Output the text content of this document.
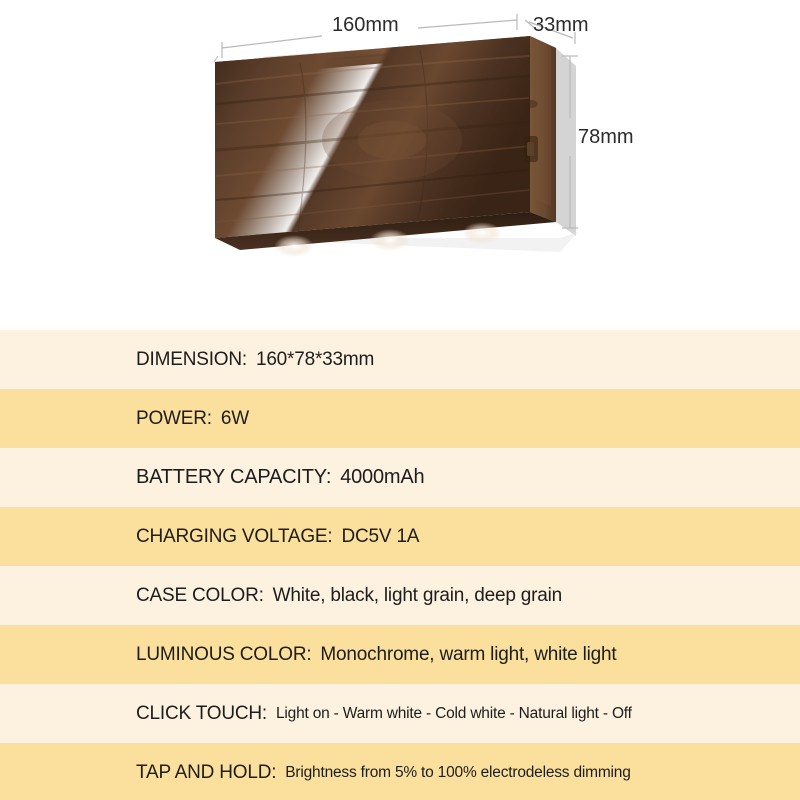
160mm	33mm
78mm
DIMENSION: 160*78*33mm
POWER: 6W
BATTERY CAPACITY: 4000mAh
CHARGING VOLTAGE: DC5V 1A
CASE COLOR: White, black, light grain, deep grain
LUMINOUS COLOR: Monochrome, warm light, white light
CLICK TOUCH: Light on - Warm white - Cold white - Natural light - Off
TAP AND HOLD: Brightness from 5% to 100% electrodeless dimming
